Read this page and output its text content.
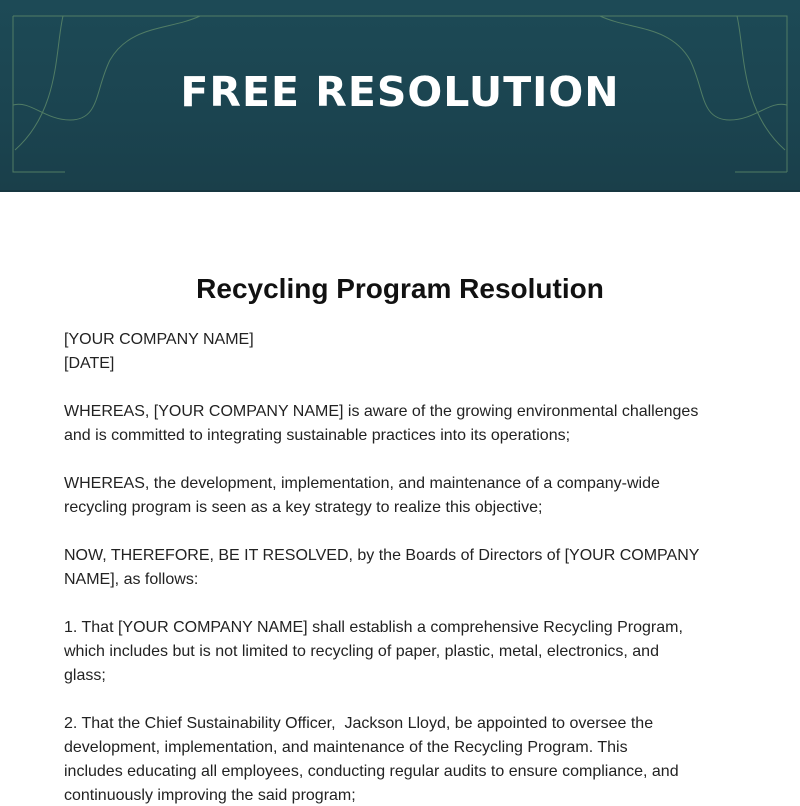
FREE RESOLUTION
Recycling Program Resolution
[YOUR COMPANY NAME]
[DATE]
WHEREAS, [YOUR COMPANY NAME] is aware of the growing environmental challenges
and is committed to integrating sustainable practices into its operations;
WHEREAS, the development, implementation, and maintenance of a company-wide
recycling program is seen as a key strategy to realize this objective;
NOW, THEREFORE, BE IT RESOLVED, by the Boards of Directors of [YOUR COMPANY
NAME], as follows:
1. That [YOUR COMPANY NAME] shall establish a comprehensive Recycling Program,
which includes but is not limited to recycling of paper, plastic, metal, electronics, and
glass;
2. That the Chief Sustainability Officer,  Jackson Lloyd, be appointed to oversee the
development, implementation, and maintenance of the Recycling Program. This
includes educating all employees, conducting regular audits to ensure compliance, and
continuously improving the said program;
